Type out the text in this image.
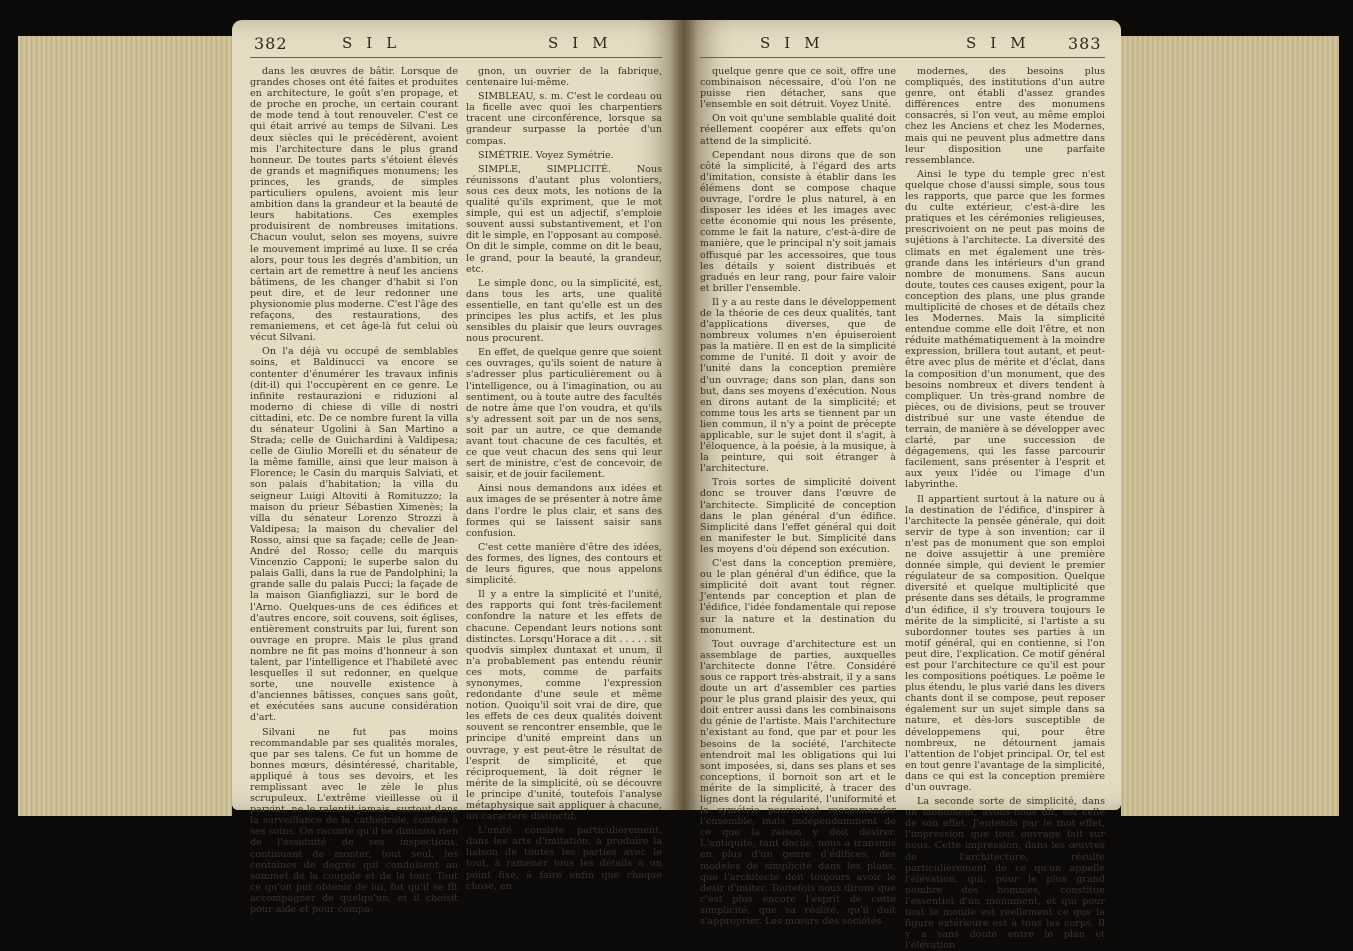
382	SIL	SIM	SIM	SIM 383

dans les œuvres de bâtir. Lorsque de grandes choses ont été faites et produites en architecture, le goût s'en propage, et de proche en proche, un certain courant de mode tend à tout renouveler. C'est ce qui était arrivé au temps de Silvani. Les deux siècles qui le précédèrent, avoient mis l'architecture dans le plus grand honneur. De toutes parts s'étoient élevés de grands et magnifiques monumens; les princes, les grands, de simples particuliers opulens, avoient mis leur ambition dans la grandeur et la beauté de leurs habitations. Ces exemples produisirent de nombreuses imitations. Chacun voulut, selon ses moyens, suivre le mouvement imprimé au luxe. Il se créa alors, pour tous les degrés d'ambition, un certain art de remettre à neuf les anciens bâtimens, de les changer d'habit si l'on peut dire, et de leur redonner une physionomie plus moderne. C'est l'âge des refaçons, des restaurations, des remaniemens, et cet âge-là fut celui où vécut Silvani.

On l'a déjà vu occupé de semblables soins, et Baldinucci va encore se contenter d'énumérer les travaux infinis (dit-il) qui l'occupèrent en ce genre. Le infinite restaurazioni e riduzioni al moderno di chiese di ville di nostri cittadini, etc. De ce nombre furent la villa du sénateur Ugolini à San Martino a Strada; celle de Guichardini à Valdipesa; celle de Giulio Morelli et du sénateur de la même famille, ainsi que leur maison à Florence; le Casin du marquis Salviati, et son palais d'habitation; la villa du seigneur Luigi Altoviti à Romituzzo; la maison du prieur Sébastien Ximenès; la villa du sénateur Lorenzo Strozzi à Valdipesa; la maison du chevalier del Rosso, ainsi que sa façade; celle de Jean-André del Rosso; celle du marquis Vincenzio Capponi; le superbe salon du palais Galli, dans la rue de Pandolphini; la grande salle du palais Pucci; la façade de la maison Gianfigliazzi, sur le bord de l'Arno. Quelques-uns de ces édifices et d'autres encore, soit couvens, soit églises, entièrement construits par lui, furent son ouvrage en propre. Mais le plus grand nombre ne fit pas moins d'honneur à son talent, par l'intelligence et l'habileté avec lesquelles il sut redonner, en quelque sorte, une nouvelle existence à d'anciennes bâtisses, conçues sans goût, et exécutées sans aucune considération d'art.

Silvani ne fut pas moins recommandable par ses qualités morales, que par ses talens. Ce fut un homme de bonnes mœurs, désintéressé, charitable, appliqué à tous ses devoirs, et les remplissant avec le zèle le plus scrupuleux. L'extrême vieillesse où il parvint, ne le ralentit jamais, surtout dans la surveillance de la cathédrale, confiée à ses soins. On raconte qu'il ne diminua rien de l'assiduité de ses inspections, continuant de monter, tout seul, les centaines de degrés qui conduisent au sommet de la coupole et de la tour. Tout ce qu'on put obtenir de lui, fut qu'il se fît accompagner de quelqu'un, et il choisit pour aide et pour compa-

gnon, un ouvrier de la fabrique, centenaire lui-même.

SIMBLEAU, s. m. C'est le cordeau ou la ficelle avec quoi les charpentiers tracent une circonférence, lorsque sa grandeur surpasse la portée d'un compas.

SIMÉTRIE. Voyez Symétrie.

SIMPLE, SIMPLICITÉ. Nous réunissons d'autant plus volontiers, sous ces deux mots, les notions de la qualité qu'ils expriment, que le mot simple, qui est un adjectif, s'emploie souvent aussi substantivement, et l'on dit le simple, en l'opposant au composé. On dit le simple, comme on dit le beau, le grand, pour la beauté, la grandeur, etc.

Le simple donc, ou la simplicité, est, dans tous les arts, une qualité essentielle, en tant qu'elle est un des principes les plus actifs, et les plus sensibles du plaisir que leurs ouvrages nous procurent.

En effet, de quelque genre que soient ces ouvrages, qu'ils soient de nature à s'adresser plus particulièrement ou à l'intelligence, ou à l'imagination, ou au sentiment, ou à toute autre des facultés de notre âme que l'on voudra, et qu'ils s'y adressent soit par un de nos sens, soit par un autre, ce que demande avant tout chacune de ces facultés, et ce que veut chacun des sens qui leur sert de ministre, c'est de concevoir, de saisir, et de jouir facilement.

Ainsi nous demandons aux idées et aux images de se présenter à notre âme dans l'ordre le plus clair, et sans des formes qui se laissent saisir sans confusion.

C'est cette manière d'être des idées, des formes, des lignes, des contours et de leurs figures, que nous appelons simplicité.

Il y a entre la simplicité et l'unité, des rapports qui font très-facilement confondre la nature et les effets de chacune. Cependant leurs notions sont distinctes. Lorsqu'Horace a dit . . . . . sit quodvis simplex duntaxat et unum, il n'a probablement pas entendu réunir ces mots, comme de parfaits synonymes, comme l'expression redondante d'une seule et même notion. Quoiqu'il soit vrai de dire, que les effets de ces deux qualités doivent souvent se rencontrer ensemble, que le principe d'unité empreint dans un ouvrage, y est peut-être le résultat de l'esprit de simplicité, et que réciproquement, là doit régner le mérite de la simplicité, où se découvre le principe d'unité, toutefois l'analyse métaphysique sait appliquer à chacune, un caractère distinctif.

L'unité consiste particulièrement, dans les arts d'imitation, à produire la liaison de toutes les parties avec le tout, à ramener tous les détails à un point fixe, à faire enfin que chaque chose, en

quelque genre que ce soit, offre une combinaison nécessaire, d'où l'on ne puisse rien détacher, sans que l'ensemble en soit détruit. Voyez Unité.

On voit qu'une semblable qualité doit réellement coopérer aux effets qu'on attend de la simplicité.

Cependant nous dirons que de son côté la simplicité, à l'égard des arts d'imitation, consiste à établir dans les élémens dont se compose chaque ouvrage, l'ordre le plus naturel, à en disposer les idées et les images avec cette économie qui nous les présente, comme le fait la nature, c'est-à-dire de manière, que le principal n'y soit jamais offusqué par les accessoires, que tous les détails y soient distribués et gradués en leur rang, pour faire valoir et briller l'ensemble.

Il y a au reste dans le développement de la théorie de ces deux qualités, tant d'applications diverses, que de nombreux volumes n'en épuiseroient pas la matière. Il en est de la simplicité comme de l'unité. Il doit y avoir de l'unité dans la conception première d'un ouvrage; dans son plan, dans son but, dans ses moyens d'exécution. Nous en dirons autant de la simplicité; et comme tous les arts se tiennent par un lien commun, il n'y a point de précepte applicable, sur le sujet dont il s'agit, à l'éloquence, à la poésie, à la musique, à la peinture, qui soit étranger à l'architecture.

Trois sortes de simplicité doivent donc se trouver dans l'œuvre de l'architecte. Simplicité de conception dans le plan général d'un édifice. Simplicité dans l'effet général qui doit en manifester le but. Simplicité dans les moyens d'où dépend son exécution.

C'est dans la conception première, ou le plan général d'un édifice, que la simplicité doit avant tout régner. J'entends par conception et plan de l'édifice, l'idée fondamentale qui repose sur la nature et la destination du monument.

Tout ouvrage d'architecture est un assemblage de parties, auxquelles l'architecte donne l'être. Considéré sous ce rapport très-abstrait, il y a sans doute un art d'assembler ces parties pour le plus grand plaisir des yeux, qui doit entrer aussi dans les combinaisons du génie de l'artiste. Mais l'architecture n'existant au fond, que par et pour les besoins de la société, l'architecte entendroit mal les obligations qui lui sont imposées, si, dans ses plans et ses conceptions, il bornoit son art et le mérite de la simplicité, à tracer des lignes dont la régularité, l'uniformité et la symétrie pourroient recommander l'ensemble, mais indépendamment de ce que la raison y doit desirer. L'antiquité, tant docile, nous a transmis en plus d'un genre d'édifices, des modèles de simplicité dans les plans, que l'architecte doit toujours avoir le desir d'imiter. Toutefois nous dirons que c'est plus encore l'esprit de cette simplicité, que sa réalité, qu'il doit s'approprier. Les mœurs des sociétés

modernes, des besoins plus compliqués, des institutions d'un autre genre, ont établi d'assez grandes différences entre des monumens consacrés, si l'on veut, au même emploi chez les Anciens et chez les Modernes, mais qui ne peuvent plus admettre dans leur disposition une parfaite ressemblance.

Ainsi le type du temple grec n'est quelque chose d'aussi simple, sous tous les rapports, que parce que les formes du culte extérieur, c'est-à-dire les pratiques et les cérémonies religieuses, prescrivoient on ne peut pas moins de sujétions à l'architecte. La diversité des climats en met également une très-grande dans les intérieurs d'un grand nombre de monumens. Sans aucun doute, toutes ces causes exigent, pour la conception des plans, une plus grande multiplicité de choses et de détails chez les Modernes. Mais la simplicité entendue comme elle doit l'être, et non réduite mathématiquement à la moindre expression, brillera tout autant, et peut-être avec plus de mérite et d'éclat, dans la composition d'un monument, que des besoins nombreux et divers tendent à compliquer. Un très-grand nombre de pièces, ou de divisions, peut se trouver distribué sur une vaste étendue de terrain, de manière à se développer avec clarté, par une succession de dégagemens, qui les fasse parcourir facilement, sans présenter à l'esprit et aux yeux l'idée ou l'image d'un labyrinthe.

Il appartient surtout à la nature ou à la destination de l'édifice, d'inspirer à l'architecte la pensée générale, qui doit servir de type à son invention; car il n'est pas de monument que son emploi ne doive assujettir à une première donnée simple, qui devient le premier régulateur de sa composition. Quelque diversité et quelque multiplicité que présente dans ses détails, le programme d'un édifice, il s'y trouvera toujours le mérite de la simplicité, si l'artiste a su subordonner toutes ses parties à un motif général, qui en contienne, si l'on peut dire, l'explication. Ce motif général est pour l'architecture ce qu'il est pour les compositions poétiques. Le poëme le plus étendu, le plus varié dans les divers chants dont il se compose, peut reposer également sur un sujet simple dans sa nature, et dès-lors susceptible de développemens qui, pour être nombreux, ne détournent jamais l'attention de l'objet principal. Or, tel est en tout genre l'avantage de la simplicité, dans ce qui est la conception première d'un ouvrage.

La seconde sorte de simplicité, dans un monument, avons-nous dit, est celle de son effet. J'entends par le mot effet, l'impression que tout ouvrage fait sur nous. Cette impression, dans les œuvres de l'architecture, résulte particulièrement de ce qu'on appelle l'élévation, qui, pour le plus grand nombre des hommes, constitue l'essentiel d'un monument, et qui pour tout le monde est réellement ce que la figure extérieure est à tous les corps. Il y a sans doute entre le plan et l'élévation
